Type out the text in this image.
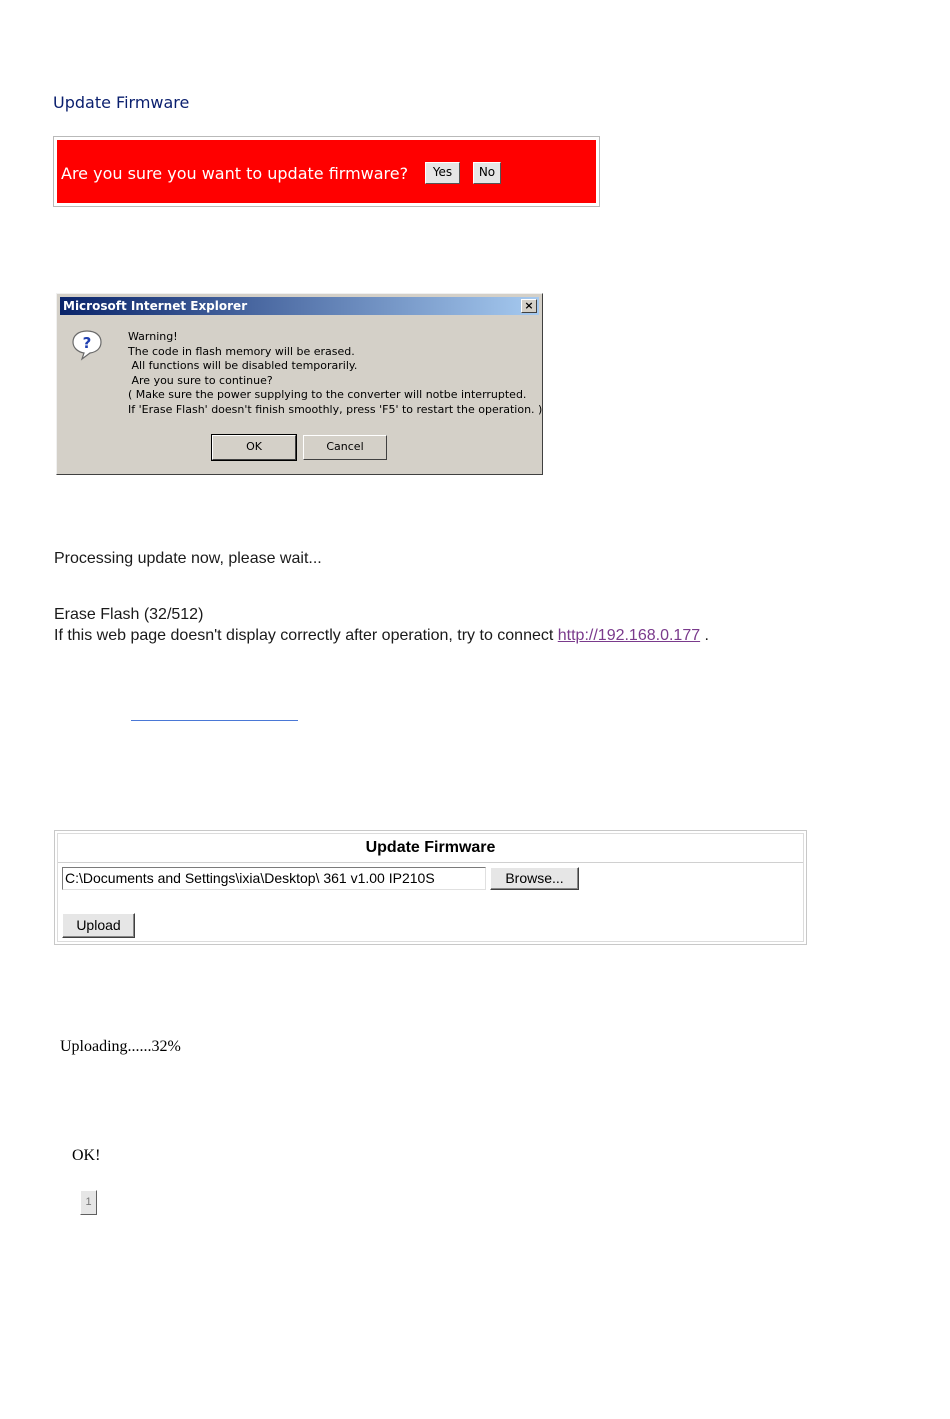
Update Firmware
Are you sure you want to update firmware?	Yes	No
Microsoft Internet Explorer	×
?	Warning!
The code in flash memory will be erased.
All functions will be disabled temporarily.
Are you sure to continue?
( Make sure the power supplying to the converter will notbe interrupted.
If 'Erase Flash' doesn't finish smoothly, press 'F5' to restart the operation. )
OK	Cancel
Processing update now, please wait...
Erase Flash (32/512)
If this web page doesn't display correctly after operation, try to connect http://192.168.0.177 .
Update Firmware
C:\Documents and Settings\ixia\Desktop\ 361 v1.00 IP210S	Browse...
Upload
Uploading......32%
OK!
1
